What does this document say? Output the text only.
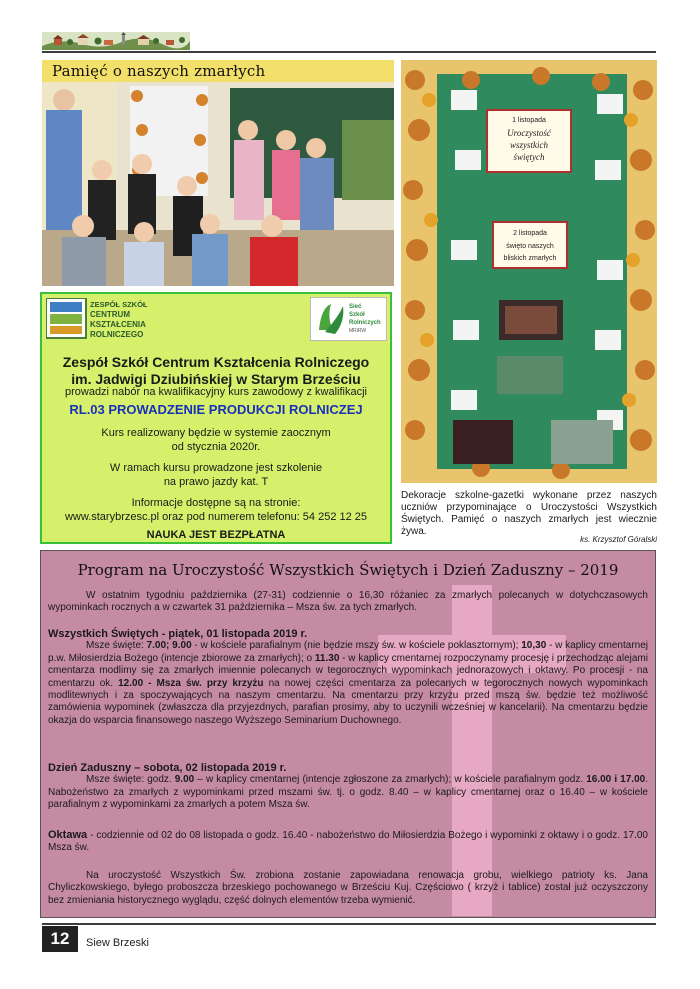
Pamięć o naszych zmarłych
ZESPÓŁ SZKÓŁ
CENTRUM
KSZTAŁCENIA
ROLNICZEGO
Sieć
Szkół
Rolniczych
MRiRW
Zespół Szkół Centrum Kształcenia Rolniczego
im. Jadwigi Dziubińskiej w Starym Brześciu
prowadzi nabór na kwalifikacyjny kurs zawodowy z kwalifikacji
RL.03 PROWADZENIE PRODUKCJI ROLNICZEJ
Kurs realizowany będzie w systemie zaocznym
od stycznia 2020r.
W ramach kursu prowadzone jest szkolenie
na prawo jazdy kat. T
Informacje dostępne są na stronie:
www.starybrzesc.pl oraz pod numerem telefonu: 54 252 12 25
NAUKA JEST BEZPŁATNA
1 listopada
Uroczystość
wszystkich
świętych
2 listopada
święto naszych
bliskich zmarłych
Dekoracje szkolne-gazetki wykonane przez naszych uczniów przypominające o Uroczystości Wszystkich Świętych. Pamięć o naszych zmarłych jest wiecznie żywa.
ks. Krzysztof Góralski
Program na Uroczystość Wszystkich Świętych i Dzień Zaduszny – 2019

W ostatnim tygodniu października (27-31) codziennie o 16,30 różaniec za zmarłych polecanych w dotychczasowych wypominkach rocznych a w czwartek 31 października – Msza św. za tych zmarłych.

Wszystkich Świętych - piątek, 01 listopada 2019 r.

Msze święte: 7.00; 9.00 - w kościele parafialnym (nie będzie mszy św. w kościele poklasztornym); 10,30 - w kaplicy cmentarnej p.w. Miłosierdzia Bożego (intencje zbiorowe za zmarłych); o 11.30 - w kaplicy cmentarnej rozpoczynamy procesję i przechodząc alejami cmentarza modlimy się za zmarłych imiennie polecanych w tegorocznych wypominkach jednorazowych i oktawy. Po procesji - na cmentarzu ok. 12.00 - Msza św. przy krzyżu na nowej części cmentarza za polecanych w tegorocznych nowych wypominkach modlitewnych i za spoczywających na naszym cmentarzu. Na cmentarzu przy krzyżu przed mszą św. będzie też możliwość zamówienia wypominek (zwłaszcza dla przyjezdnych, parafian prosimy, aby to uczynili wcześniej w kancelarii). Na cmentarzu będzie okazja do wsparcia finansowego naszego Wyższego Seminarium Duchownego.

Dzień Zaduszny – sobota, 02 listopada 2019 r.

Msze święte: godz. 9.00 – w kaplicy cmentarnej (intencje zgłoszone za zmarłych); w kościele parafialnym godz. 16.00 i 17.00. Nabożeństwo za zmarłych z wypominkami przed mszami św. tj. o godz. 8.40 – w kaplicy cmentarnej oraz o 16.40 – w kościele parafialnym z wypominkami za zmarłych a potem Msza św.

Oktawa - codziennie od 02 do 08 listopada o godz. 16.40 - nabożeństwo do Miłosierdzia Bożego i wypominki z oktawy i o godz. 17.00 Msza św.

Na uroczystość Wszystkich Św. zrobiona zostanie zapowiadana renowacja grobu, wielkiego patrioty ks. Jana Chyliczkowskiego, byłego proboszcza brzeskiego pochowanego w Brześciu Kuj. Częściowo ( krzyż i tablice) został już oczyszczony bez zmieniania historycznego wyglądu, część dolnych elementów trzeba wymienić.

12	Siew Brzeski
